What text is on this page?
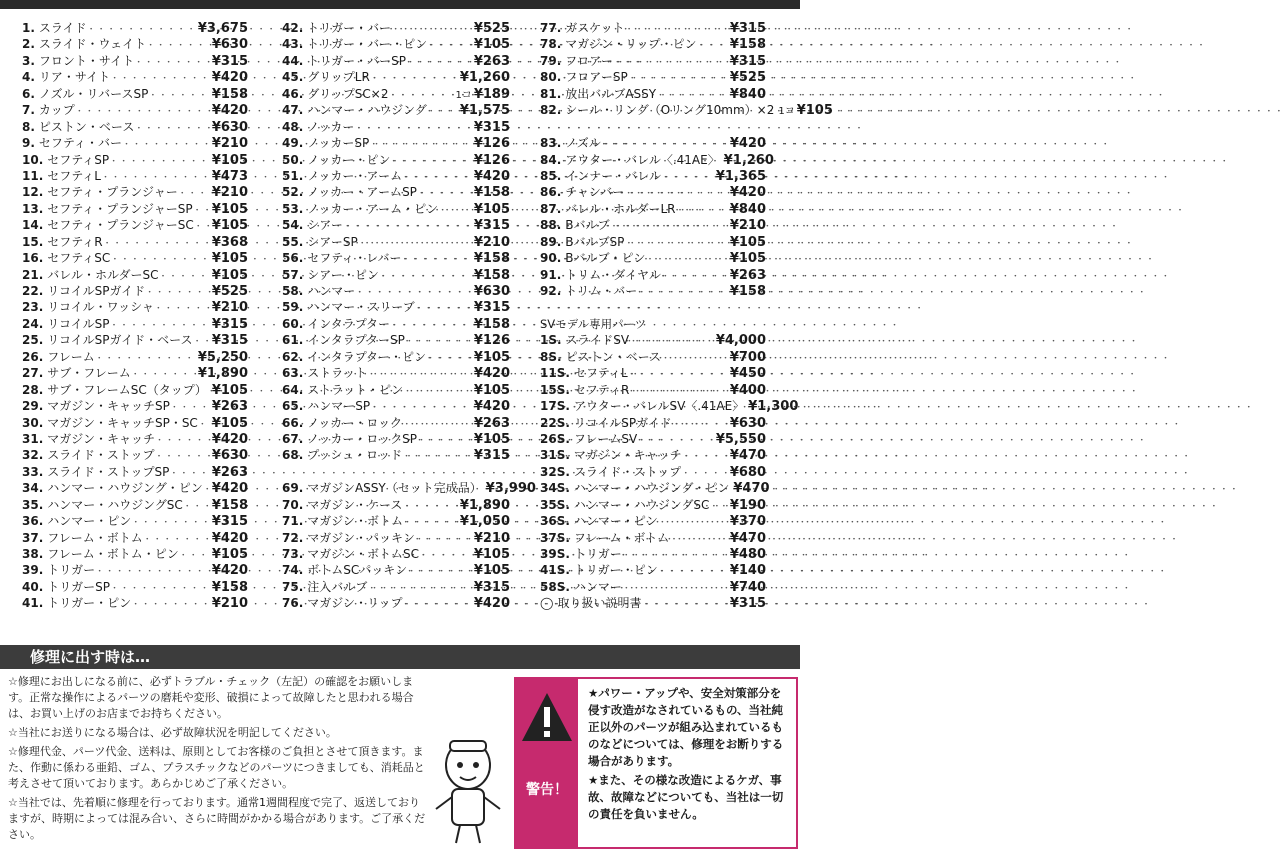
1. スライド ・・・・・・・・・・・・・・・・・・・・・・・・・・・・・・・・・・・・・・・・・・・・・・・・・・・	¥3,675
2. スライド・ウェイト ・・・・・・・・・・・・・・・・・・・・・・・・・・・・・・・・・・・・・・・・・・・・・・・・・・・	¥630
3. フロント・サイト ・・・・・・・・・・・・・・・・・・・・・・・・・・・・・・・・・・・・・・・・・・・・・・・・・・・	¥315
4. リア・サイト ・・・・・・・・・・・・・・・・・・・・・・・・・・・・・・・・・・・・・・・・・・・・・・・・・・・	¥420
6. ノズル・リバースSP ・・・・・・・・・・・・・・・・・・・・・・・・・・・・・・・・・・・・・・・・・・・・・・・・・・・	¥158
7. カップ ・・・・・・・・・・・・・・・・・・・・・・・・・・・・・・・・・・・・・・・・・・・・・・・・・・・	¥420
8. ピストン・ベース ・・・・・・・・・・・・・・・・・・・・・・・・・・・・・・・・・・・・・・・・・・・・・・・・・・・	¥630
9. セフティ・バー ・・・・・・・・・・・・・・・・・・・・・・・・・・・・・・・・・・・・・・・・・・・・・・・・・・・	¥210
10. セフティSP ・・・・・・・・・・・・・・・・・・・・・・・・・・・・・・・・・・・・・・・・・・・・・・・・・・・	¥105
11. セフティL ・・・・・・・・・・・・・・・・・・・・・・・・・・・・・・・・・・・・・・・・・・・・・・・・・・・	¥473
12. セフティ・プランジャー ・・・・・・・・・・・・・・・・・・・・・・・・・・・・・・・・・・・・・・・・・・・・・・・・・・・	¥210
13. セフティ・プランジャーSP ・・・・・・・・・・・・・・・・・・・・・・・・・・・・・・・・・・・・・・・・・・・・・・・・・・・ ¥105
14. セフティ・プランジャーSC ・・・・・・・・・・・・・・・・・・・・・・・・・・・・・・・・・・・・・・・・・・・・・・・・・・・ ¥105
15. セフティR ・・・・・・・・・・・・・・・・・・・・・・・・・・・・・・・・・・・・・・・・・・・・・・・・・・・	¥368
16. セフティSC ・・・・・・・・・・・・・・・・・・・・・・・・・・・・・・・・・・・・・・・・・・・・・・・・・・・	¥105
21. バレル・ホルダーSC ・・・・・・・・・・・・・・・・・・・・・・・・・・・・・・・・・・・・・・・・・・・・・・・・・・・	¥105
22. リコイルSPガイド ・・・・・・・・・・・・・・・・・・・・・・・・・・・・・・・・・・・・・・・・・・・・・・・・・・・	¥525
23. リコイル・ワッシャ ・・・・・・・・・・・・・・・・・・・・・・・・・・・・・・・・・・・・・・・・・・・・・・・・・・・	¥210
24. リコイルSP ・・・・・・・・・・・・・・・・・・・・・・・・・・・・・・・・・・・・・・・・・・・・・・・・・・・	¥315
25. リコイルSPガイド・ベース ・・・・・・・・・・・・・・・・・・・・・・・・・・・・・・・・・・・・・・・・・・・・・・・・・・・ ¥315
26. フレーム ・・・・・・・・・・・・・・・・・・・・・・・・・・・・・・・・・・・・・・・・・・・・・・・・・・・	¥5,250
27. サブ・フレーム ・・・・・・・・・・・・・・・・・・・・・・・・・・・・・・・・・・・・・・・・・・・・・・・・・・・	¥1,890
28. サブ・フレームSC（タップ） ・・・・・・・・・・・・・・・・・・・・・・・・・・・・・・・・・・・・・・・・・・・・・・・・・・・ ¥105
29. マガジン・キャッチSP ・・・・・・・・・・・・・・・・・・・・・・・・・・・・・・・・・・・・・・・・・・・・・・・・・・・	¥263
30. マガジン・キャッチSP・SC ・・・・・・・・・・・・・・・・・・・・・・・・・・・・・・・・・・・・・・・・・・・・・・・・・・・ ¥105
31. マガジン・キャッチ ・・・・・・・・・・・・・・・・・・・・・・・・・・・・・・・・・・・・・・・・・・・・・・・・・・・	¥420
32. スライド・ストップ ・・・・・・・・・・・・・・・・・・・・・・・・・・・・・・・・・・・・・・・・・・・・・・・・・・・	¥630
33. スライド・ストップSP ・・・・・・・・・・・・・・・・・・・・・・・・・・・・・・・・・・・・・・・・・・・・・・・・・・・	¥263
34. ハンマー・ハウジング・ピン ・・・・・・・・・・・・・・・・・・・・・・・・・・・・・・・・・・・・・・・・・・・・・・・・・・・ ¥420
35. ハンマー・ハウジングSC ・・・・・・・・・・・・・・・・・・・・・・・・・・・・・・・・・・・・・・・・・・・・・・・・・・・ ¥158
36. ハンマー・ピン ・・・・・・・・・・・・・・・・・・・・・・・・・・・・・・・・・・・・・・・・・・・・・・・・・・・	¥315
37. フレーム・ボトム ・・・・・・・・・・・・・・・・・・・・・・・・・・・・・・・・・・・・・・・・・・・・・・・・・・・	¥420
38. フレーム・ボトム・ピン ・・・・・・・・・・・・・・・・・・・・・・・・・・・・・・・・・・・・・・・・・・・・・・・・・・・	¥105
39. トリガー ・・・・・・・・・・・・・・・・・・・・・・・・・・・・・・・・・・・・・・・・・・・・・・・・・・・	¥420
40. トリガーSP ・・・・・・・・・・・・・・・・・・・・・・・・・・・・・・・・・・・・・・・・・・・・・・・・・・・	¥158
41. トリガー・ピン ・・・・・・・・・・・・・・・・・・・・・・・・・・・・・・・・・・・・・・・・・・・・・・・・・・・	¥210
42. トリガー・バー ・・・・・・・・・・・・・・・・・・・・・・・・・・・・・・・・・・・・・・・・・・・・・・・・・・・	¥525
43. トリガー・バー・ピン ・・・・・・・・・・・・・・・・・・・・・・・・・・・・・・・・・・・・・・・・・・・・・・・・・・・	¥105
44. トリガー・バーSP ・・・・・・・・・・・・・・・・・・・・・・・・・・・・・・・・・・・・・・・・・・・・・・・・・・・	¥263
45. グリップLR ・・・・・・・・・・・・・・・・・・・・・・・・・・・・・・・・・・・・・・・・・・・・・・・・・・・	¥1,260
46. グリップSC×2 ・・・・・・・・・・・・・・・・・・・・・・・・・・・・・・・・・・・・・・・・・・・・・・・・・・・	1コ ¥189
47. ハンマー・ハウジング ・・・・・・・・・・・・・・・・・・・・・・・・・・・・・・・・・・・・・・・・・・・・・・・・・・・	¥1,575
48. ノッカー ・・・・・・・・・・・・・・・・・・・・・・・・・・・・・・・・・・・・・・・・・・・・・・・・・・・	¥315
49. ノッカーSP ・・・・・・・・・・・・・・・・・・・・・・・・・・・・・・・・・・・・・・・・・・・・・・・・・・・	¥126
50. ノッカー・ピン ・・・・・・・・・・・・・・・・・・・・・・・・・・・・・・・・・・・・・・・・・・・・・・・・・・・	¥126
51. ノッカー・アーム ・・・・・・・・・・・・・・・・・・・・・・・・・・・・・・・・・・・・・・・・・・・・・・・・・・・	¥420
52. ノッカー・アームSP ・・・・・・・・・・・・・・・・・・・・・・・・・・・・・・・・・・・・・・・・・・・・・・・・・・・	¥158
53. ノッカー・アーム・ピン ・・・・・・・・・・・・・・・・・・・・・・・・・・・・・・・・・・・・・・・・・・・・・・・・・・・	¥105
54. シアー ・・・・・・・・・・・・・・・・・・・・・・・・・・・・・・・・・・・・・・・・・・・・・・・・・・・	¥315
55. シアーSP ・・・・・・・・・・・・・・・・・・・・・・・・・・・・・・・・・・・・・・・・・・・・・・・・・・・	¥210
56. セフティ・レバー ・・・・・・・・・・・・・・・・・・・・・・・・・・・・・・・・・・・・・・・・・・・・・・・・・・・	¥158
57. シアー・ピン ・・・・・・・・・・・・・・・・・・・・・・・・・・・・・・・・・・・・・・・・・・・・・・・・・・・	¥158
58. ハンマー ・・・・・・・・・・・・・・・・・・・・・・・・・・・・・・・・・・・・・・・・・・・・・・・・・・・	¥630
59. ハンマー・スリーブ ・・・・・・・・・・・・・・・・・・・・・・・・・・・・・・・・・・・・・・・・・・・・・・・・・・・	¥315
60. インタラプター ・・・・・・・・・・・・・・・・・・・・・・・・・・・・・・・・・・・・・・・・・・・・・・・・・・・	¥158
61. インタラプターSP ・・・・・・・・・・・・・・・・・・・・・・・・・・・・・・・・・・・・・・・・・・・・・・・・・・・	¥126
62. インタラプター・ピン ・・・・・・・・・・・・・・・・・・・・・・・・・・・・・・・・・・・・・・・・・・・・・・・・・・・	¥105
63. ストラット ・・・・・・・・・・・・・・・・・・・・・・・・・・・・・・・・・・・・・・・・・・・・・・・・・・・	¥420
64. ストラット・ピン ・・・・・・・・・・・・・・・・・・・・・・・・・・・・・・・・・・・・・・・・・・・・・・・・・・・	¥105
65. ハンマーSP ・・・・・・・・・・・・・・・・・・・・・・・・・・・・・・・・・・・・・・・・・・・・・・・・・・・	¥420
66. ノッカー・ロック ・・・・・・・・・・・・・・・・・・・・・・・・・・・・・・・・・・・・・・・・・・・・・・・・・・・	¥263
67. ノッカー・ロックSP ・・・・・・・・・・・・・・・・・・・・・・・・・・・・・・・・・・・・・・・・・・・・・・・・・・・	¥105
68. プッシュ・ロッド ・・・・・・・・・・・・・・・・・・・・・・・・・・・・・・・・・・・・・・・・・・・・・・・・・・・	¥315
69. マガジンASSY（セット完成品） ・・・・・・・・・・・・・・・・・・・・・・・・・・・・・・・・・・・・・・・・・・・・・・・・・・・ ¥3,990
70. マガジン・ケース ・・・・・・・・・・・・・・・・・・・・・・・・・・・・・・・・・・・・・・・・・・・・・・・・・・・	¥1,890
71. マガジン・ボトム ・・・・・・・・・・・・・・・・・・・・・・・・・・・・・・・・・・・・・・・・・・・・・・・・・・・	¥1,050
72. マガジン・パッキン ・・・・・・・・・・・・・・・・・・・・・・・・・・・・・・・・・・・・・・・・・・・・・・・・・・・	¥210
73. マガジン・ボトムSC ・・・・・・・・・・・・・・・・・・・・・・・・・・・・・・・・・・・・・・・・・・・・・・・・・・・	¥105
74. ボトムSCパッキン ・・・・・・・・・・・・・・・・・・・・・・・・・・・・・・・・・・・・・・・・・・・・・・・・・・・	¥105
75. 注入バルブ ・・・・・・・・・・・・・・・・・・・・・・・・・・・・・・・・・・・・・・・・・・・・・・・・・・・	¥315
76. マガジン・リップ ・・・・・・・・・・・・・・・・・・・・・・・・・・・・・・・・・・・・・・・・・・・・・・・・・・・	¥420
77. ガスケット ・・・・・・・・・・・・・・・・・・・・・・・・・・・・・・・・・・・・・・・・・・・・・・・・・・・	¥315
78. マガジン・リップ・ピン ・・・・・・・・・・・・・・・・・・・・・・・・・・・・・・・・・・・・・・・・・・・・・・・・・・・	¥158
79. フロアー ・・・・・・・・・・・・・・・・・・・・・・・・・・・・・・・・・・・・・・・・・・・・・・・・・・・	¥315
80. フロアーSP ・・・・・・・・・・・・・・・・・・・・・・・・・・・・・・・・・・・・・・・・・・・・・・・・・・・	¥525
81. 放出バルブASSY ・・・・・・・・・・・・・・・・・・・・・・・・・・・・・・・・・・・・・・・・・・・・・・・・・・・	¥840
82. シール・リング（Oリング10mm）×2 ・・・・・・・・・・・・・・・・・・・・・・・・・・・・・・・・・・・・・・・・・・・・・・・・・・・ 1コ ¥105
83. ノズル ・・・・・・・・・・・・・・・・・・・・・・・・・・・・・・・・・・・・・・・・・・・・・・・・・・・	¥420
84. アウター・バレル〈.41AE〉 ・・・・・・・・・・・・・・・・・・・・・・・・・・・・・・・・・・・・・・・・・・・・・・・・・・・ ¥1,260
85. インナー・バレル ・・・・・・・・・・・・・・・・・・・・・・・・・・・・・・・・・・・・・・・・・・・・・・・・・・・	¥1,365
86. チャンバー ・・・・・・・・・・・・・・・・・・・・・・・・・・・・・・・・・・・・・・・・・・・・・・・・・・・	¥420
87. バレル・ホルダーLR ・・・・・・・・・・・・・・・・・・・・・・・・・・・・・・・・・・・・・・・・・・・・・・・・・・・	¥840
88. Bバルブ ・・・・・・・・・・・・・・・・・・・・・・・・・・・・・・・・・・・・・・・・・・・・・・・・・・・	¥210
89. BバルブSP ・・・・・・・・・・・・・・・・・・・・・・・・・・・・・・・・・・・・・・・・・・・・・・・・・・・	¥105
90. Bバルブ・ピン ・・・・・・・・・・・・・・・・・・・・・・・・・・・・・・・・・・・・・・・・・・・・・・・・・・・	¥105
91. トリム・ダイヤル ・・・・・・・・・・・・・・・・・・・・・・・・・・・・・・・・・・・・・・・・・・・・・・・・・・・	¥263
92. トリム・バー ・・・・・・・・・・・・・・・・・・・・・・・・・・・・・・・・・・・・・・・・・・・・・・・・・・・	¥158
SVモデル専用パーツ
1S. スライドSV ・・・・・・・・・・・・・・・・・・・・・・・・・・・・・・・・・・・・・・・・・・・・・・・・・・・	¥4,000
8S. ピストン・ベース ・・・・・・・・・・・・・・・・・・・・・・・・・・・・・・・・・・・・・・・・・・・・・・・・・・・	¥700
11S. セフティL ・・・・・・・・・・・・・・・・・・・・・・・・・・・・・・・・・・・・・・・・・・・・・・・・・・・	¥450
15S. セフティR ・・・・・・・・・・・・・・・・・・・・・・・・・・・・・・・・・・・・・・・・・・・・・・・・・・・	¥400
17S. アウター・バレルSV〈.41AE〉 ・・・・・・・・・・・・・・・・・・・・・・・・・・・・・・・・・・・・・・・・・・・・・・・・・・・ ¥1,300
22S. リコイルSPガイド ・・・・・・・・・・・・・・・・・・・・・・・・・・・・・・・・・・・・・・・・・・・・・・・・・・・	¥630
26S. フレームSV ・・・・・・・・・・・・・・・・・・・・・・・・・・・・・・・・・・・・・・・・・・・・・・・・・・・	¥5,550
31S. マガジン・キャッチ ・・・・・・・・・・・・・・・・・・・・・・・・・・・・・・・・・・・・・・・・・・・・・・・・・・・	¥470
32S. スライド・ストップ ・・・・・・・・・・・・・・・・・・・・・・・・・・・・・・・・・・・・・・・・・・・・・・・・・・・	¥680
34S. ハンマー・ハウジング・ピン ・・・・・・・・・・・・・・・・・・・・・・・・・・・・・・・・・・・・・・・・・・・・・・・・・・・ ¥470
35S. ハンマー・ハウジングSC ・・・・・・・・・・・・・・・・・・・・・・・・・・・・・・・・・・・・・・・・・・・・・・・・・・・ ¥190
36S. ハンマー・ピン ・・・・・・・・・・・・・・・・・・・・・・・・・・・・・・・・・・・・・・・・・・・・・・・・・・・	¥370
37S. フレーム・ボトム ・・・・・・・・・・・・・・・・・・・・・・・・・・・・・・・・・・・・・・・・・・・・・・・・・・・	¥470
39S. トリガー ・・・・・・・・・・・・・・・・・・・・・・・・・・・・・・・・・・・・・・・・・・・・・・・・・・・	¥480
41S. トリガー・ピン ・・・・・・・・・・・・・・・・・・・・・・・・・・・・・・・・・・・・・・・・・・・・・・・・・・・	¥140
58S. ハンマー ・・・・・・・・・・・・・・・・・・・・・・・・・・・・・・・・・・・・・・・・・・・・・・・・・・・	¥740
◯ 取り扱い説明書 ・・・・・・・・・・・・・・・・・・・・・・・・・・・・・・・・・・・・・・・・・・・・・・・・・・・	¥315
修理に出す時は…
☆修理にお出しになる前に、必ずトラブル・チェック（左記）の確認をお願いします。正常な操作によるパーツの磨耗や変形、破損によって故障したと思われる場合は、お買い上げのお店までお持ちください。
☆当社にお送りになる場合は、必ず故障状況を明記してください。
☆修理代金、パーツ代金、送料は、原則としてお客様のご負担とさせて頂きます。また、作動に係わる亜鉛、ゴム、プラスチックなどのパーツにつきましても、消耗品と考えさせて頂いております。あらかじめご了承ください。
☆当社では、先着順に修理を行っております。通常1週間程度で完了、返送しておりますが、時期によっては混み合い、さらに時間がかかる場合があります。ご了承ください。
警告！
★パワー・アップや、安全対策部分を侵す改造がなされているもの、当社純正以外のパーツが組み込まれているものなどについては、修理をお断りする場合があります。
★また、その様な改造によるケガ、事故、故障などについても、当社は一切の責任を負いません。
